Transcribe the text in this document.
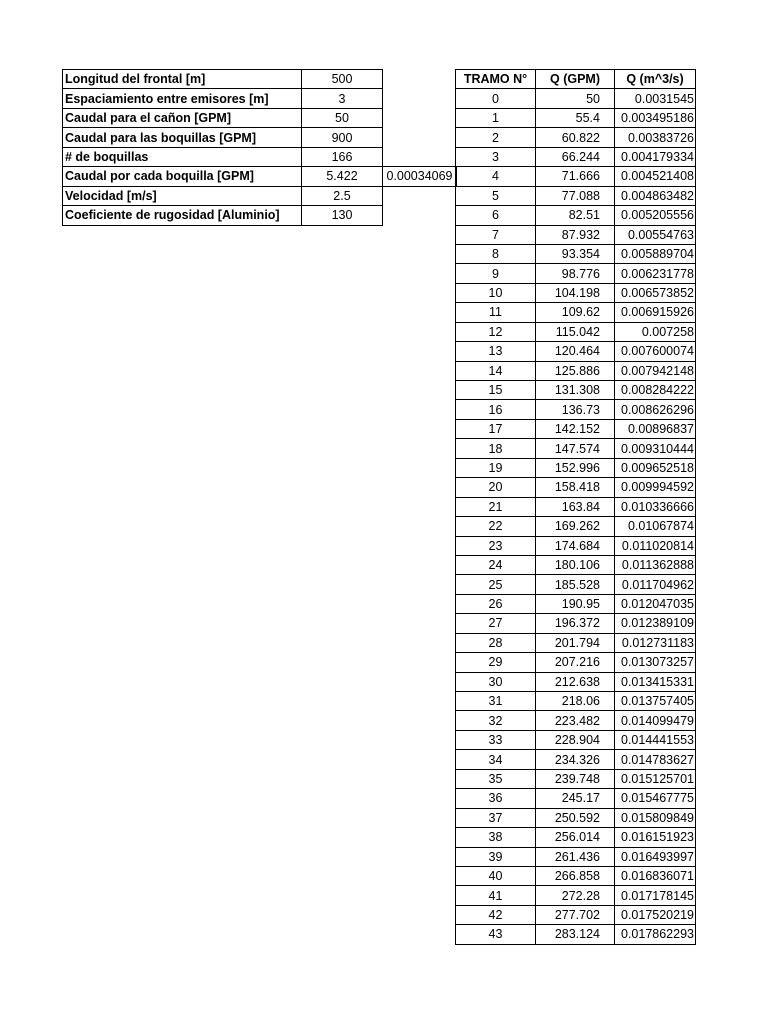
Longitud del frontal [m]	500	
Espaciamiento entre emisores [m]	3	
Caudal para el cañon [GPM]	50	
Caudal para las boquillas [GPM]	900	
# de boquillas	166	
Caudal por cada boquilla [GPM]	5.422	0.00034069
Velocidad [m/s]	2.5	
Coeficiente de rugosidad [Aluminio]	130	
TRAMO N°	Q (GPM)	Q (m^3/s)
0	50	0.0031545
1	55.4	0.003495186
2	60.822	0.00383726
3	66.244	0.004179334
4	71.666	0.004521408
5	77.088	0.004863482
6	82.51	0.005205556
7	87.932	0.00554763
8	93.354	0.005889704
9	98.776	0.006231778
10	104.198	0.006573852
11	109.62	0.006915926
12	115.042	0.007258
13	120.464	0.007600074
14	125.886	0.007942148
15	131.308	0.008284222
16	136.73	0.008626296
17	142.152	0.00896837
18	147.574	0.009310444
19	152.996	0.009652518
20	158.418	0.009994592
21	163.84	0.010336666
22	169.262	0.01067874
23	174.684	0.011020814
24	180.106	0.011362888
25	185.528	0.011704962
26	190.95	0.012047035
27	196.372	0.012389109
28	201.794	0.012731183
29	207.216	0.013073257
30	212.638	0.013415331
31	218.06	0.013757405
32	223.482	0.014099479
33	228.904	0.014441553
34	234.326	0.014783627
35	239.748	0.015125701
36	245.17	0.015467775
37	250.592	0.015809849
38	256.014	0.016151923
39	261.436	0.016493997
40	266.858	0.016836071
41	272.28	0.017178145
42	277.702	0.017520219
43	283.124	0.017862293
